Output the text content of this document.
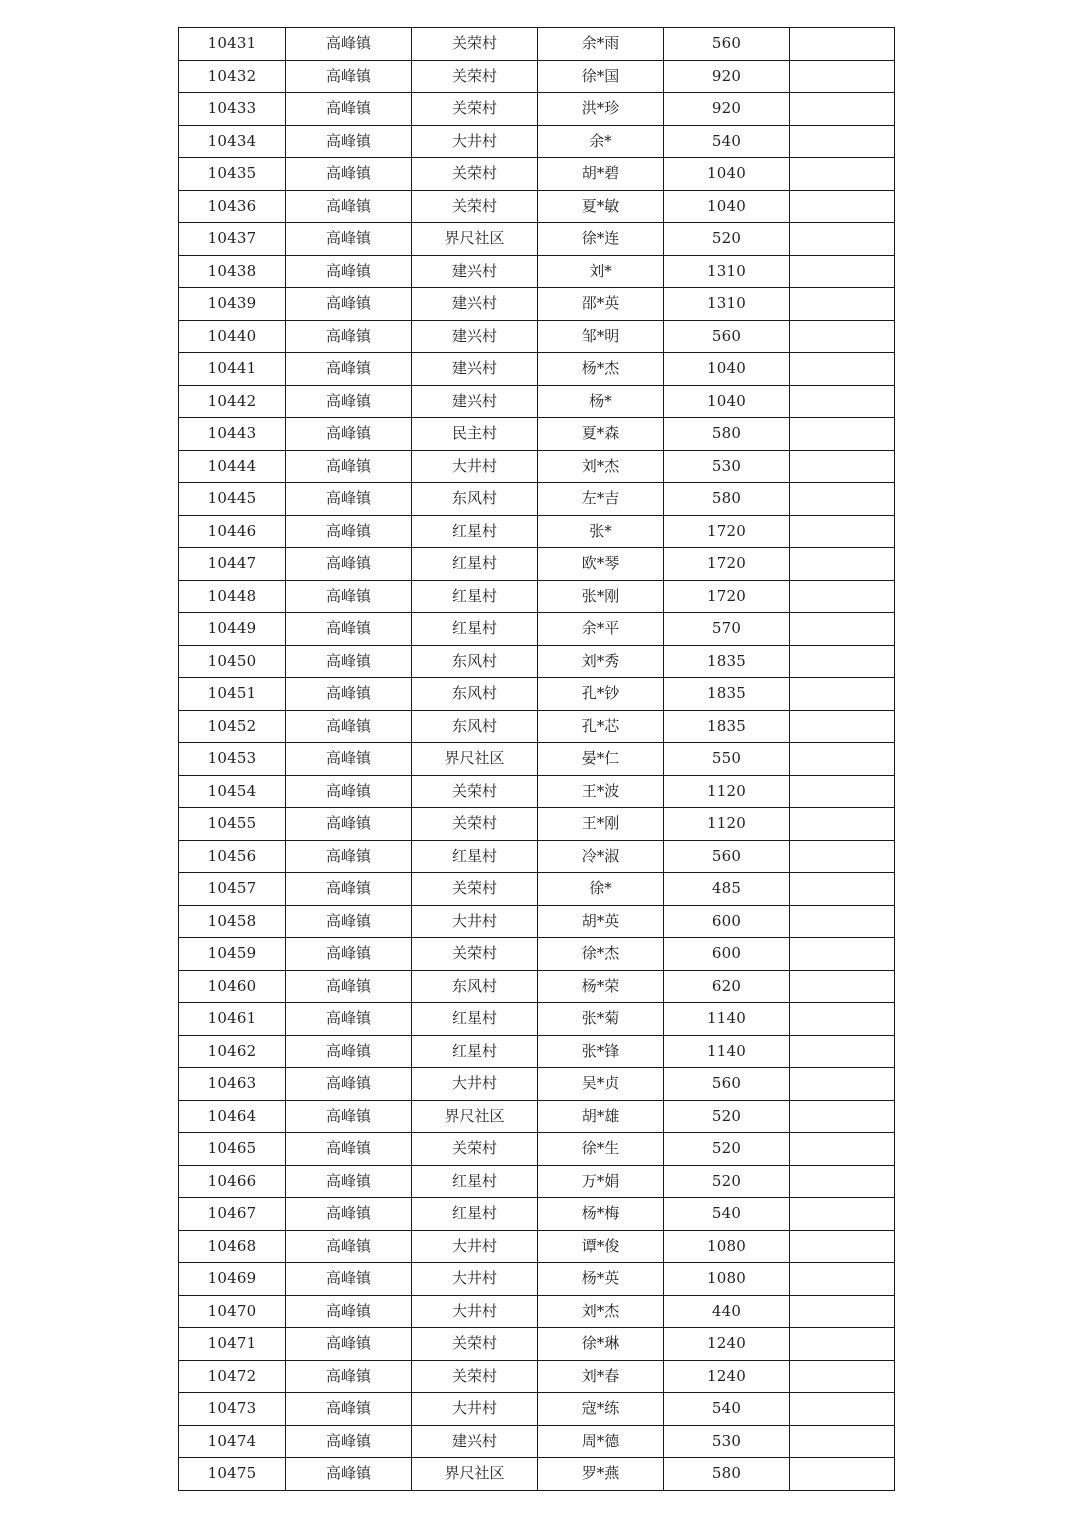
10431	高峰镇	关荣村	余*雨	560	
10432	高峰镇	关荣村	徐*国	920	
10433	高峰镇	关荣村	洪*珍	920	
10434	高峰镇	大井村	余*	540	
10435	高峰镇	关荣村	胡*碧	1040	
10436	高峰镇	关荣村	夏*敏	1040	
10437	高峰镇	界尺社区	徐*连	520	
10438	高峰镇	建兴村	刘*	1310	
10439	高峰镇	建兴村	邵*英	1310	
10440	高峰镇	建兴村	邹*明	560	
10441	高峰镇	建兴村	杨*杰	1040	
10442	高峰镇	建兴村	杨*	1040	
10443	高峰镇	民主村	夏*森	580	
10444	高峰镇	大井村	刘*杰	530	
10445	高峰镇	东风村	左*吉	580	
10446	高峰镇	红星村	张*	1720	
10447	高峰镇	红星村	欧*琴	1720	
10448	高峰镇	红星村	张*刚	1720	
10449	高峰镇	红星村	余*平	570	
10450	高峰镇	东风村	刘*秀	1835	
10451	高峰镇	东风村	孔*钞	1835	
10452	高峰镇	东风村	孔*芯	1835	
10453	高峰镇	界尺社区	晏*仁	550	
10454	高峰镇	关荣村	王*波	1120	
10455	高峰镇	关荣村	王*刚	1120	
10456	高峰镇	红星村	冷*淑	560	
10457	高峰镇	关荣村	徐*	485	
10458	高峰镇	大井村	胡*英	600	
10459	高峰镇	关荣村	徐*杰	600	
10460	高峰镇	东风村	杨*荣	620	
10461	高峰镇	红星村	张*菊	1140	
10462	高峰镇	红星村	张*锋	1140	
10463	高峰镇	大井村	吴*贞	560	
10464	高峰镇	界尺社区	胡*雄	520	
10465	高峰镇	关荣村	徐*生	520	
10466	高峰镇	红星村	万*娟	520	
10467	高峰镇	红星村	杨*梅	540	
10468	高峰镇	大井村	谭*俊	1080	
10469	高峰镇	大井村	杨*英	1080	
10470	高峰镇	大井村	刘*杰	440	
10471	高峰镇	关荣村	徐*琳	1240	
10472	高峰镇	关荣村	刘*春	1240	
10473	高峰镇	大井村	寇*练	540	
10474	高峰镇	建兴村	周*德	530	
10475	高峰镇	界尺社区	罗*燕	580	
